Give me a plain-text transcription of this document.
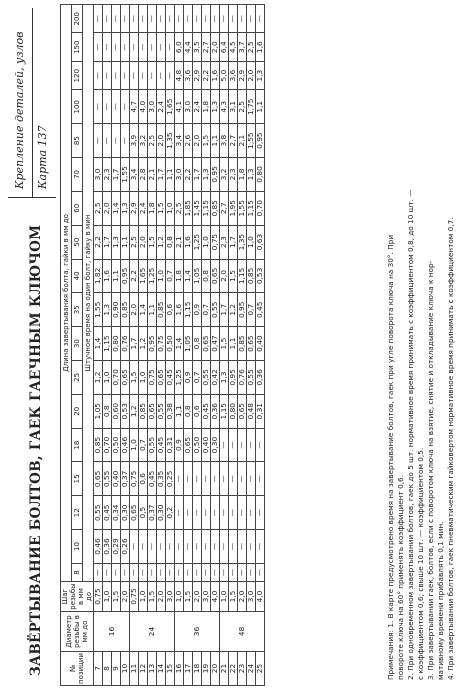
ЗАВЁРТЫВАНИЕ БОЛТОВ, ГАЕК ГАЕЧНЫМ КЛЮЧОМ
Крепление деталей, узлов Карта 137
№ позиции	Диаметр резьбы в мм до	Шаг резьбы в мм до	Длина завертывания болта, гайки в мм до																	
			8	10	12	15	18	20	25	30	35	40	50	60	70	85	100	120	150	200
			Штучное время на один болт, гайку в мин																	
7	16	0,75	—	0,46	0,55	0,65	0,85	1,05	1,2	1,4	1,55	1,82	2,2	2,5	3,0	—	—	—	—	—
8		1,0	—	0,36	0,45	0,55	0,70	0,8	1,0	1,15	1,3	1,6	1,7	2,0	2,3	—	—	—	—	—
9		1,5	—	0,29	0,34	0,40	0,50	0,60	0,70	0,80	0,90	1,1	1,3	1,4	1,7	—	—	—	—	—
10		2,0	—	0,26	0,30	0,37	0,46	0,53	0,65	0,76	0,85	0,95	1,1	1,3	1,55	—	—	—	—	—
11	24	0,75	—	—	0,65	0,75	1,0	1,2	1,5	1,7	2,0	2,2	2,5	2,9	3,4	3,9	4,7	—	—	—
12		1,0	—	—	0,5	0,6	0,7	0,85	1,0	1,2	1,4	1,65	2,0	2,4	2,8	3,2	4,0	—	—	—
13		1,5	—	—	0,37	0,45	0,55	0,65	0,75	0,95	1,1	1,25	1,5	1,8	2,1	2,5	3,0	—	—	—
14		2,0	—	—	0,30	0,35	0,45	0,55	0,65	0,75	0,85	1,0	1,2	1,5	1,7	2,0	2,4	—	—	—
15		3,0	—	—	0,2	0,25	0,31	0,38	0,45	0,50	0,6	0,7	0,8	1,0	1,1	1,35	1,65	—	—	—
16	36	1,0	—	—	—	—	0,9	1,1	1,25	1,4	1,6	1,8	2,1	2,5	3,0	3,4	4,1	4,8	6,0	—
17		1,5	—	—	—	—	0,65	0,8	0,9	1,05	1,15	1,4	1,6	1,85	2,2	2,6	3,0	3,6	4,4	—
18		2,0	—	—	—	—	0,50	0,6	0,7	0,8	0,9	1,05	1,25	1,45	1,7	2,0	2,4	2,9	3,5	—
19		3,0	—	—	—	—	0,40	0,45	0,55	0,65	0,7	0,8	1,0	1,15	1,3	1,5	1,8	2,2	2,7	—
20		4,0	—	—	—	—	0,30	0,36	0,42	0,47	0,55	0,65	0,75	0,85	0,95	1,1	1,3	1,6	2,0	—
21	48	1,0	—	—	—	—	—	1,15	1,3	1,5	1,7	2,0	2,3	2,7	3,2	3,8	4,3	5,0	6,4	—
22		1,5	—	—	—	—	—	0,80	0,95	1,1	1,2	1,5	1,7	1,95	2,3	2,7	3,1	3,6	4,5	—
23		2,0	—	—	—	—	—	0,65	0,76	0,85	0,95	1,15	1,35	1,55	1,8	2,1	2,5	2,9	3,7	—
24		3,0	—	—	—	—	—	0,48	0,55	0,65	0,7	0,85	1,0	1,15	1,3	1,55	1,75	2,0	2,5	—
25		4,0	—	—	—	—	—	0,31	0,36	0,40	0,45	0,53	0,63	0,70	0,80	0,95	1,1	1,3	1,6	—
Примечания: 1. В карте предусмотрено время на завертывание болтов, гаек при угле поворота ключа на 30°. При повороте ключа на 60° применять коэффициент 0,6. 2. При одновременном завертывании болтов, гаек до 5 шт. нормативное время принимать с коэффициентом 0,8, до 10 шт. — с коэффициентом 0,6; свыше 10 шт. — коэффициентом 0,5. 3. При завертывании гаек, болтов, если с поворотом ключа на взятие, снятие и откладывание ключа к нор- мативному времени прибавлять 0,1 мин. 4. При завертывании болтов, гаек пневматическим гайковертом нормативное время принимать с коэффициентом 0,7.
